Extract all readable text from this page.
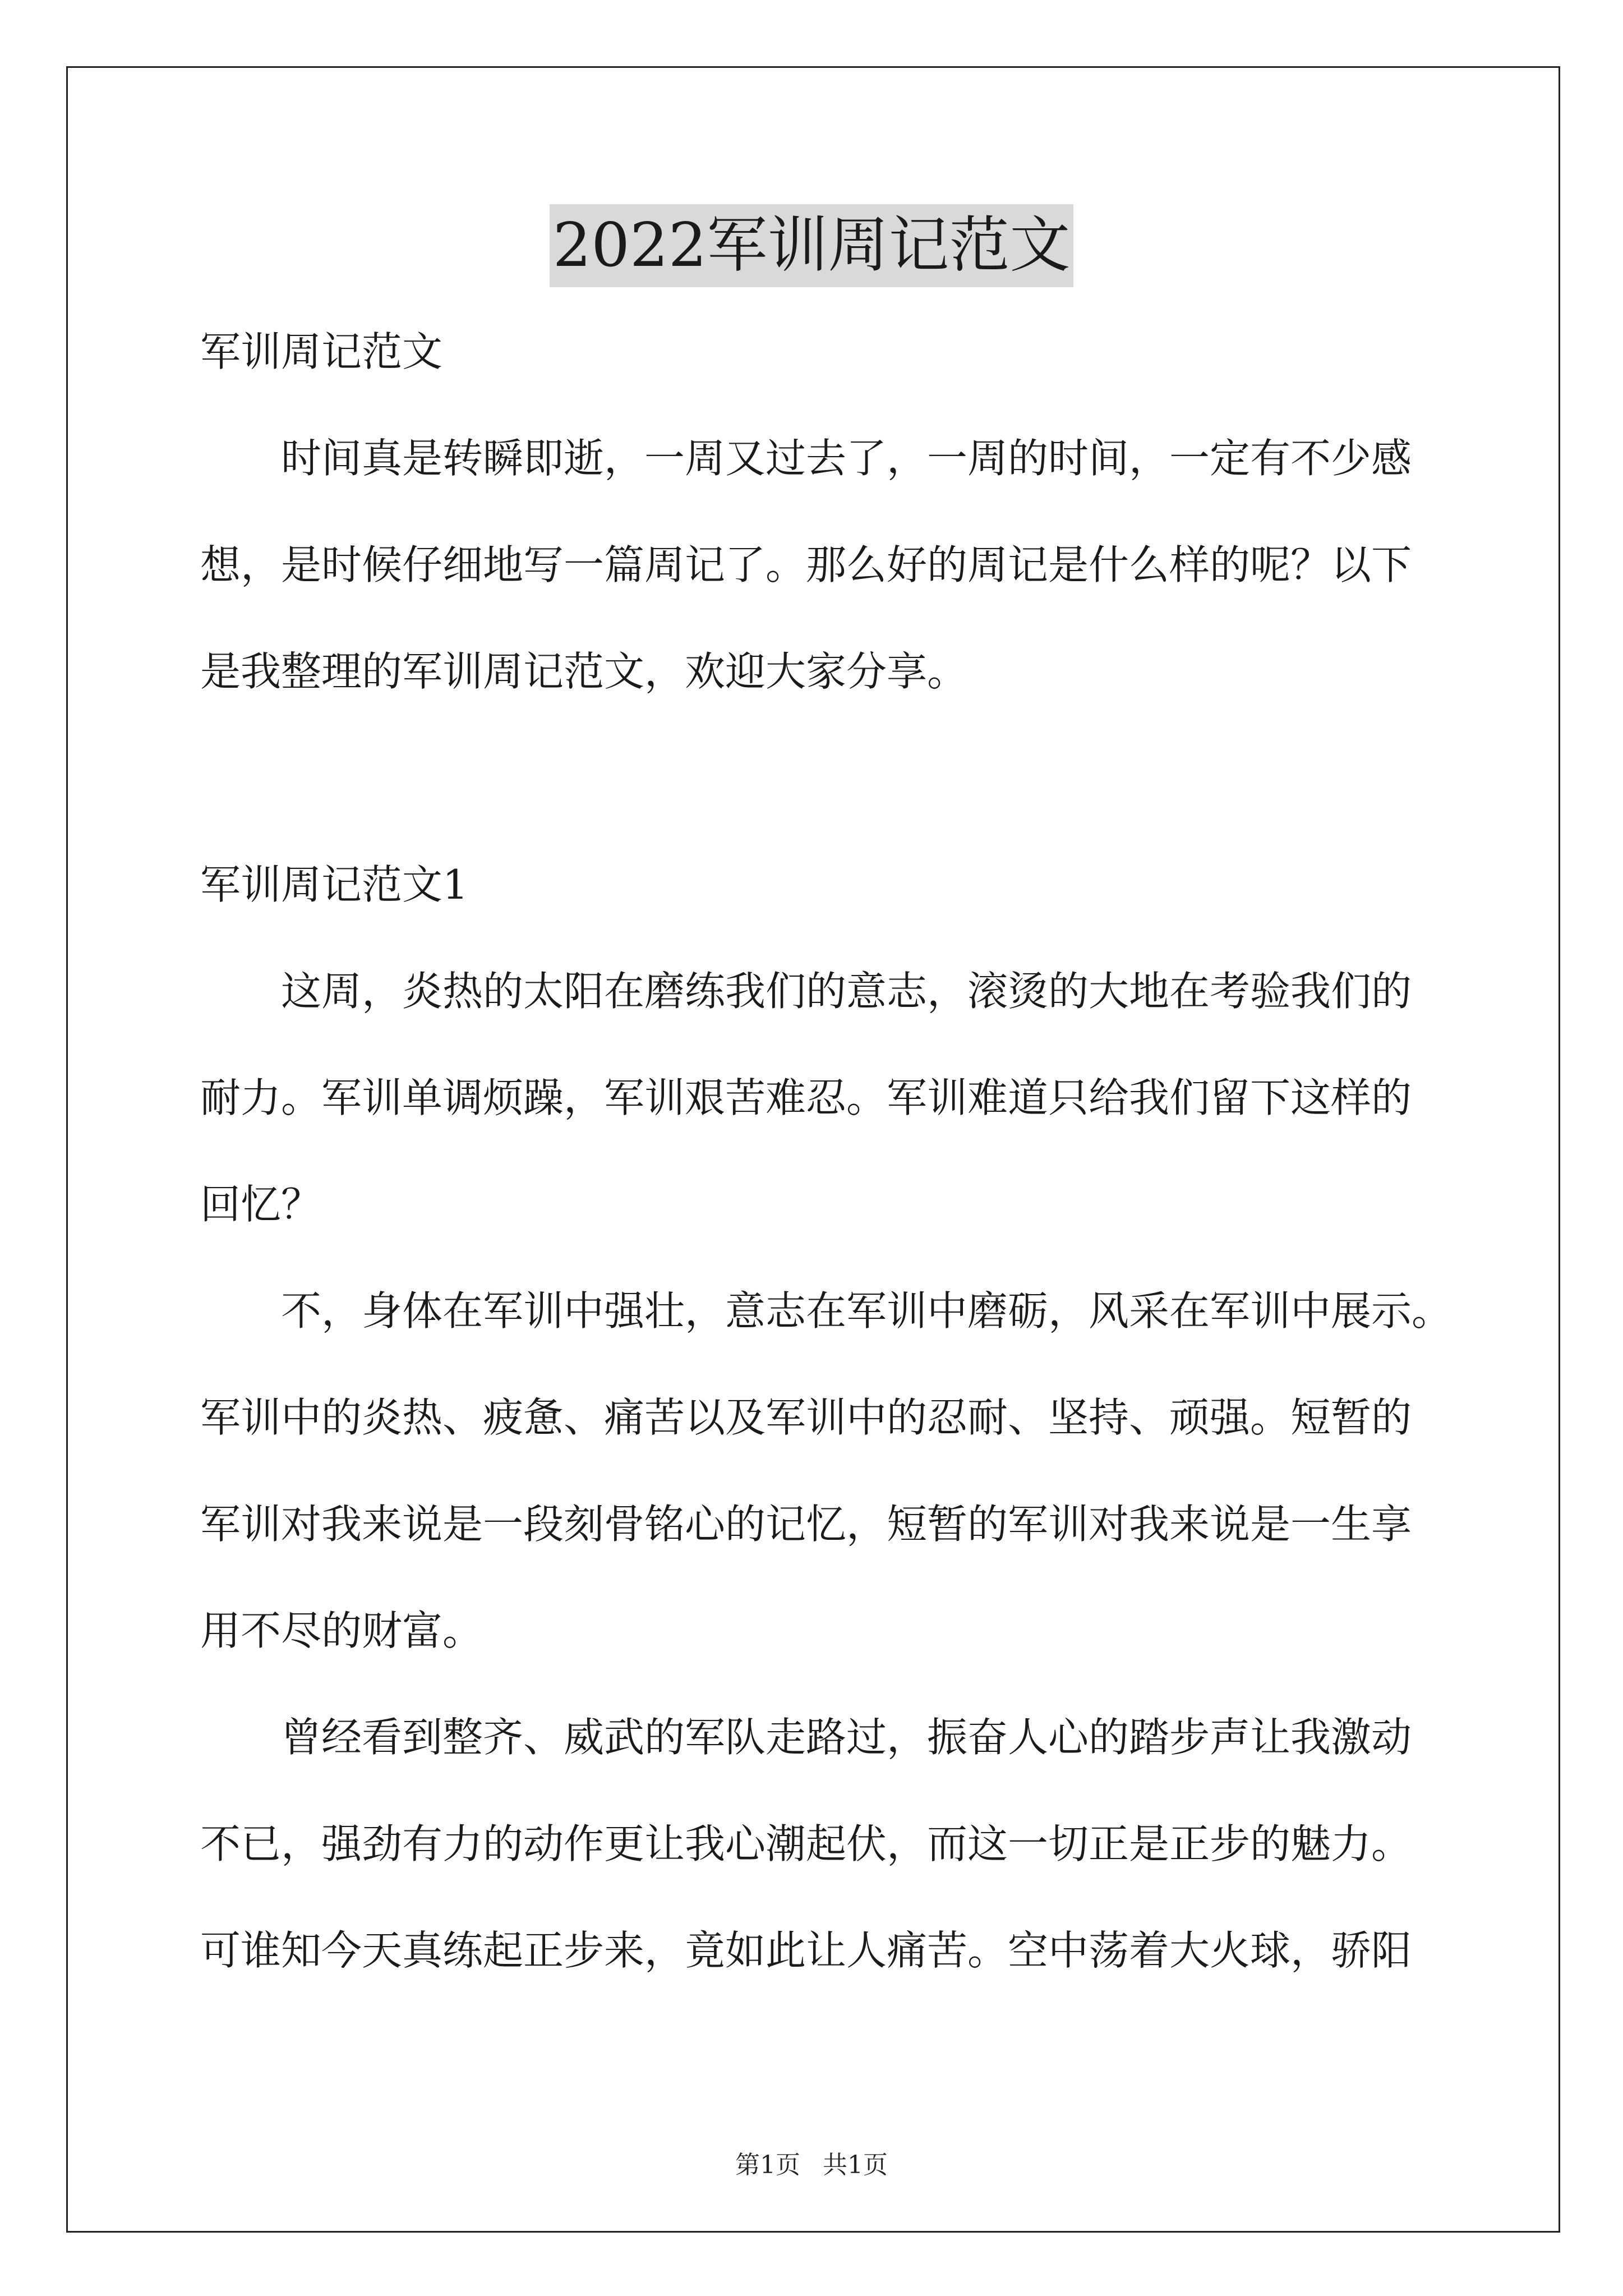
2022军训周记范文
军训周记范文
时间真是转瞬即逝，一周又过去了，一周的时间，一定有不少感
想，是时候仔细地写一篇周记了。那么好的周记是什么样的呢？以下
是我整理的军训周记范文，欢迎大家分享。
军训周记范文1
这周，炎热的太阳在磨练我们的意志，滚烫的大地在考验我们的
耐力。军训单调烦躁，军训艰苦难忍。军训难道只给我们留下这样的
回忆？
不，身体在军训中强壮，意志在军训中磨砺，风采在军训中展示。
军训中的炎热、疲惫、痛苦以及军训中的忍耐、坚持、顽强。短暂的
军训对我来说是一段刻骨铭心的记忆，短暂的军训对我来说是一生享
用不尽的财富。
曾经看到整齐、威武的军队走路过，振奋人心的踏步声让我激动
不已，强劲有力的动作更让我心潮起伏，而这一切正是正步的魅力。
可谁知今天真练起正步来，竟如此让人痛苦。空中荡着大火球，骄阳
第1页 共1页
